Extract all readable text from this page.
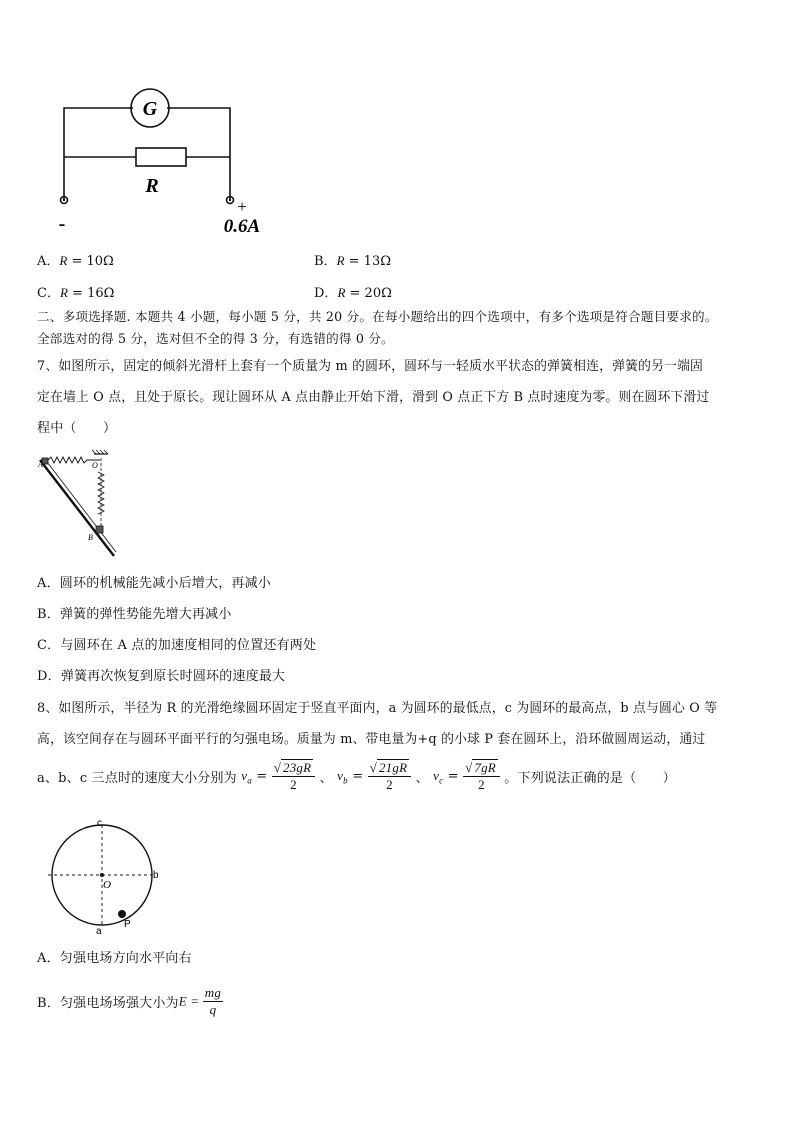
G
R
-
+
0.6A
A．R = 10Ω	B．R = 13Ω
C．R = 16Ω	D．R = 20Ω
二、多项选择题. 本题共 4 小题，每小题 5 分，共 20 分。在每小题给出的四个选项中，有多个选项是符合题目要求的。
全部选对的得 5 分，选对但不全的得 3 分，有选错的得 0 分。
7、如图所示，固定的倾斜光滑杆上套有一个质量为 m 的圆环，圆环与一轻质水平状态的弹簧相连，弹簧的另一端固
定在墙上 O 点，且处于原长。现让圆环从 A 点由静止开始下滑，滑到 O 点正下方 B 点时速度为零。则在圆环下滑过
程中（　　）
A	O
B
A．圆环的机械能先减小后增大，再减小
B．弹簧的弹性势能先增大再减小
C．与圆环在 A 点的加速度相同的位置还有两处
D．弹簧再次恢复到原长时圆环的速度最大
8、如图所示，半径为 R 的光滑绝缘圆环固定于竖直平面内，a 为圆环的最低点，c 为圆环的最高点，b 点与圆心 O 等
高，该空间存在与圆环平面平行的匀强电场。质量为 m、带电量为+q 的小球 P 套在圆环上，沿环做圆周运动，通过
a、b、c 三点时的速度大小分别为 $v_a = \frac{√ 23gR}{2}$ 、 $v_b = \frac{√ 21gR}{2}$ 、 $v_c = \frac{√ 7gR}{2}$ 。下列说法正确的是（　　）
c
b
O
a
P
A．匀强电场方向水平向右
B．匀强电场场强大小为$E = \frac{mg}{q}$
